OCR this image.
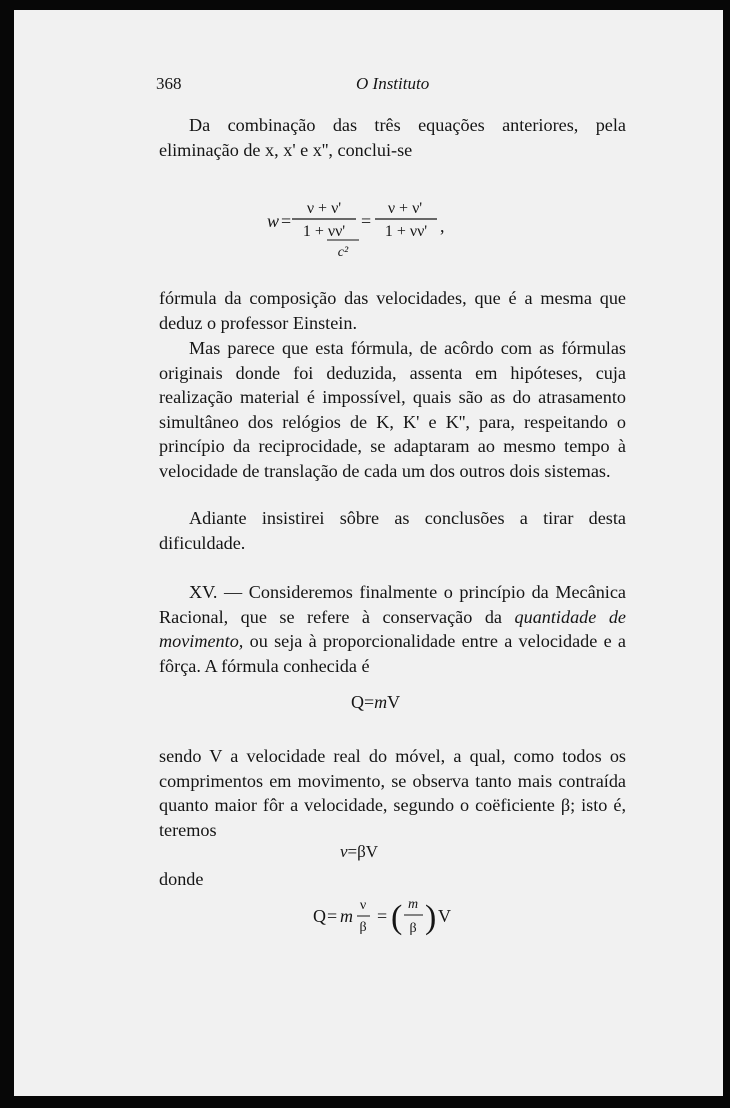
368	O Instituto

Da combinação das três equações anteriores, pela eliminação de x, x' e x'', conclui-se

w =
ν + ν'
1 + νν'
c²
=
ν + ν'
1 + νν' ,

fórmula da composição das velocidades, que é a mesma que deduz o professor Einstein.

Mas parece que esta fórmula, de acôrdo com as fórmulas originais donde foi deduzida, assenta em hipóteses, cuja realização material é impossível, quais são as do atrasamento simultâneo dos relógios de K, K' e K'', para, respeitando o princípio da reciprocidade, se adaptaram ao mesmo tempo à velocidade de translação de cada um dos outros dois sistemas.

Adiante insistirei sôbre as conclusões a tirar desta dificuldade.

XV. — Consideremos finalmente o princípio da Mecânica Racional, que se refere à conservação da quantidade de movimento, ou seja à proporcionalidade entre a velocidade e a fôrça. A fórmula conhecida é

Q=mV

sendo V a velocidade real do móvel, a qual, como todos os comprimentos em movimento, se observa tanto mais contraída quanto maior fôr a velocidade, segundo o coëficiente β; isto é, teremos

v=βV

donde

Q = m
ν
β
= ( m
β ) V
